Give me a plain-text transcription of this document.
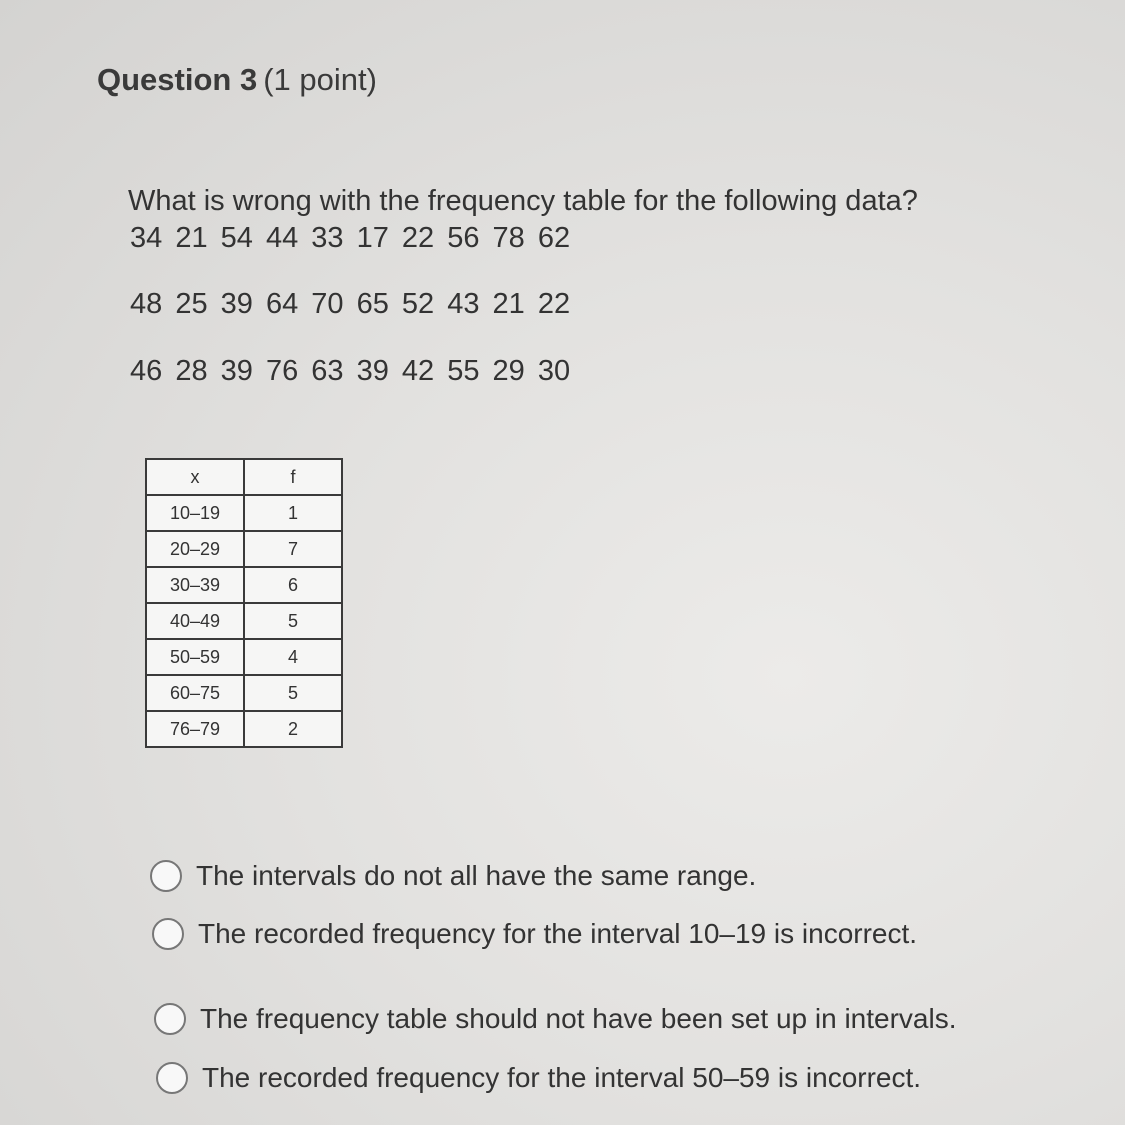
Question 3 (1 point)
What is wrong with the frequency table for the following data?
34 21 54 44 33 17 22 56 78 62
48 25 39 64 70 65 52 43 21 22
46 28 39 76 63 39 42 55 29 30
x	f
10–19	1
20–29	7
30–39	6
40–49	5
50–59	4
60–75	5
76–79	2
The intervals do not all have the same range.
The recorded frequency for the interval 10–19 is incorrect.
The frequency table should not have been set up in intervals.
The recorded frequency for the interval 50–59 is incorrect.
